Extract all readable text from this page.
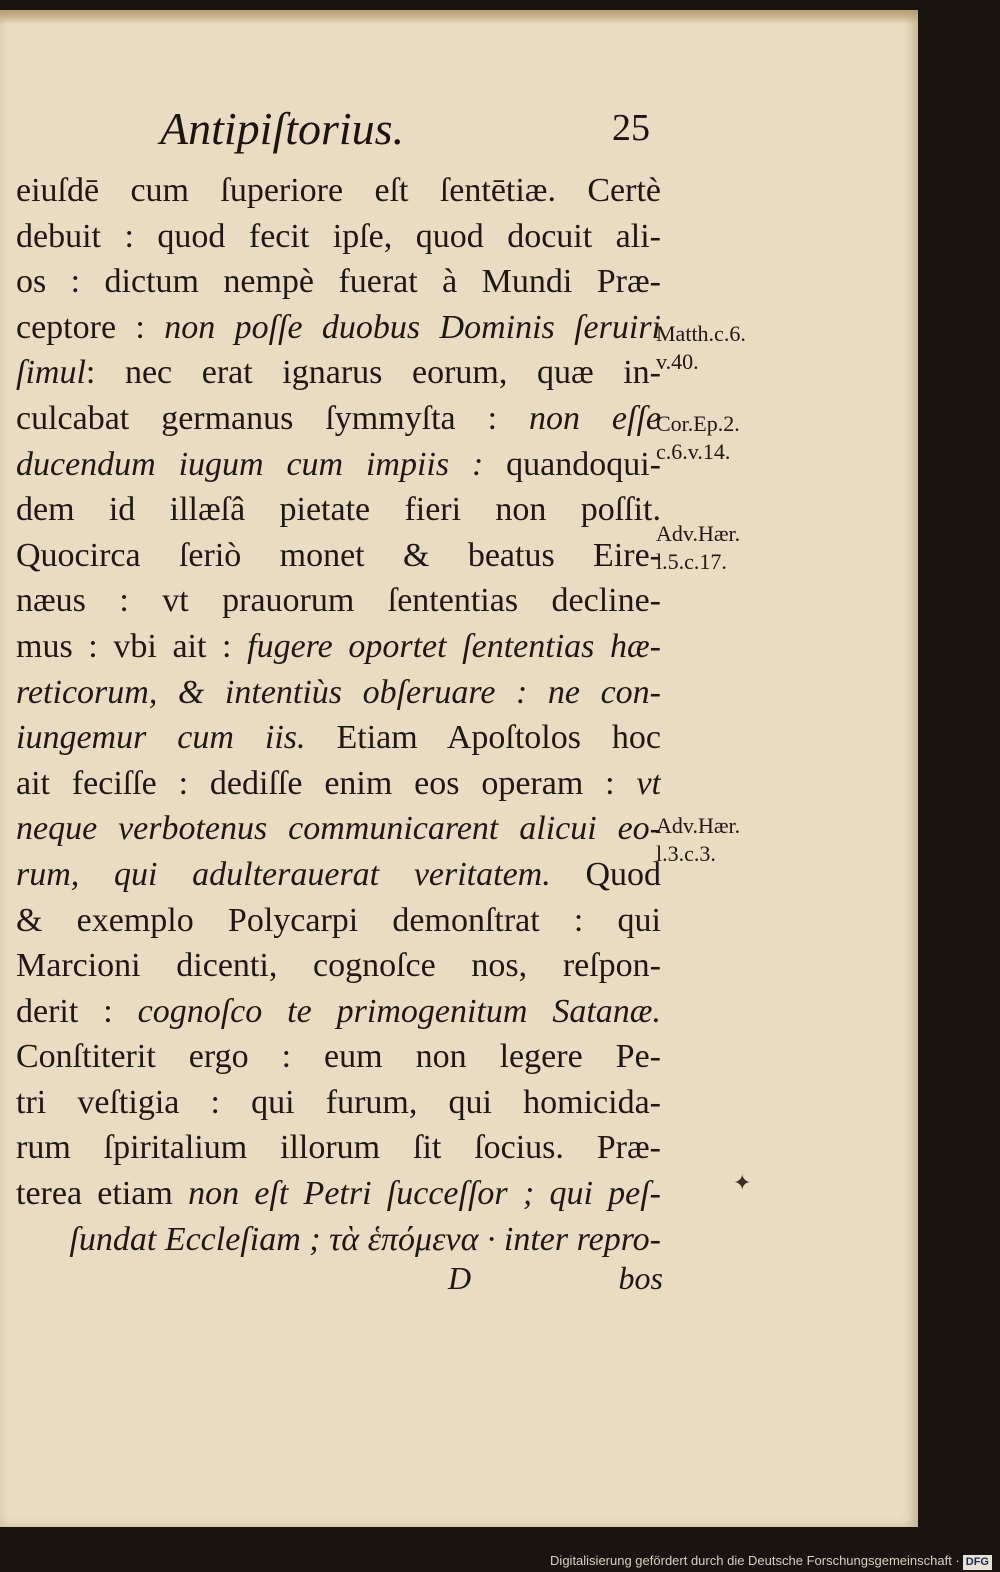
Antipiſtorius.	25
eiuſdē cum ſuperiore eſt ſentētiæ. Certè
debuit : quod fecit ipſe, quod docuit ali-
os : dictum nempè fuerat à Mundi Præ-
ceptore : non poſſe duobus Dominis ſeruiri
ſimul: nec erat ignarus eorum, quæ in-
culcabat germanus ſymmyſta : non eſſe
ducendum iugum cum impiis : quandoqui-
dem id illæſâ pietate fieri non poſſit.
Quocirca ſeriò monet & beatus Eire-
næus : vt prauorum ſententias decline-
mus : vbi ait : fugere oportet ſententias hæ-
reticorum, & intentiùs obſeruare : ne con-
iungemur cum iis. Etiam Apoſtolos hoc
ait feciſſe : dediſſe enim eos operam : vt
neque verbotenus communicarent alicui eo-
rum, qui adulterauerat veritatem. Quod
& exemplo Polycarpi demonſtrat : qui
Marcioni dicenti, cognoſce nos, reſpon-
derit : cognoſco te primogenitum Satanæ.
Conſtiterit ergo : eum non legere Pe-
tri veſtigia : qui furum, qui homicida-
rum ſpiritalium illorum ſit ſocius. Præ-
terea etiam non eſt Petri ſucceſſor ; qui peſ-
ſundat Eccleſiam ; τὰ ἑπόμενα · inter repro-
Matth.c.6.
v.40.
Cor.Ep.2.
c.6.v.14.
Adv.Hær.
l.5.c.17.
Adv.Hær.
l.3.c.3.
✦
D	bos
Digitalisierung gefördert durch die Deutsche Forschungsgemeinschaft · DFG
